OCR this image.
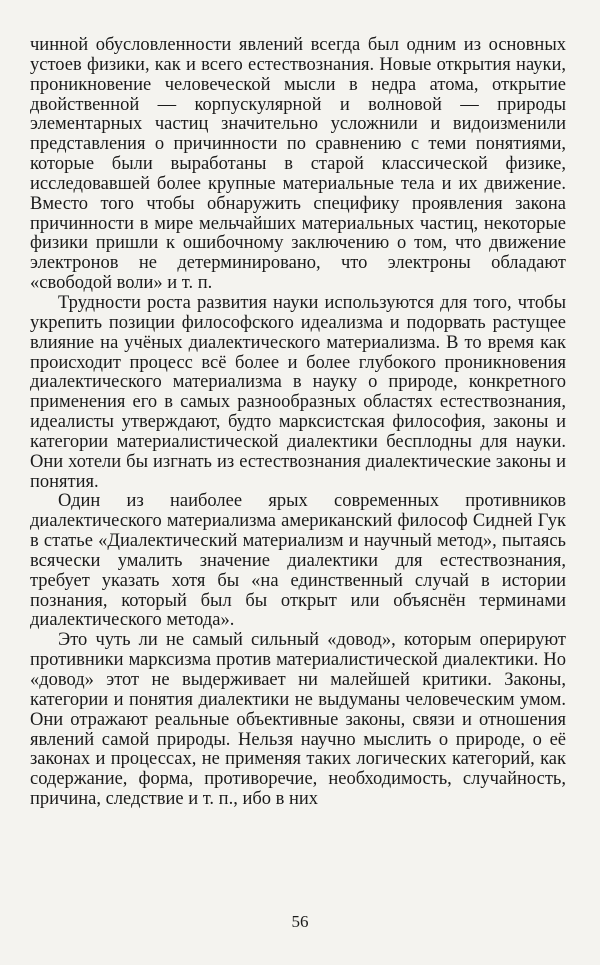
чинной обусловленности явлений всегда был одним из основных устоев физики, как и всего естествознания. Новые открытия науки, проникновение человеческой мысли в недра атома, открытие двойственной — корпускулярной и волновой — природы элементарных частиц значительно усложнили и видоизменили представления о причинности по сравнению с теми понятиями, которые были выработаны в старой классической физике, исследовавшей более крупные материальные тела и их движение. Вместо того чтобы обнаружить специфику проявления закона причинности в мире мельчайших материальных частиц, некоторые физики пришли к ошибочному заключению о том, что движение электронов не детерминировано, что электроны обладают «свободой воли» и т. п.

Трудности роста развития науки используются для того, чтобы укрепить позиции философского идеализма и подорвать растущее влияние на учёных диалектического материализма. В то время как происходит процесс всё более и более глубокого проникновения диалектического материализма в науку о природе, конкретного применения его в самых разнообразных областях естествознания, идеалисты утверждают, будто марксистская философия, законы и категории материалистической диалектики бесплодны для науки. Они хотели бы изгнать из естествознания диалектические законы и понятия.

Один из наиболее ярых современных противников диалектического материализма американский философ Сидней Гук в статье «Диалектический материализм и научный метод», пытаясь всячески умалить значение диалектики для естествознания, требует указать хотя бы «на единственный случай в истории познания, который был бы открыт или объяснён терминами диалектического метода».

Это чуть ли не самый сильный «довод», которым оперируют противники марксизма против материалистической диалектики. Но «довод» этот не выдерживает ни малейшей критики. Законы, категории и понятия диалектики не выдуманы человеческим умом. Они отражают реальные объективные законы, связи и отношения явлений самой природы. Нельзя научно мыслить о природе, о её законах и процессах, не применяя таких логических категорий, как содержание, форма, противоречие, необходимость, случайность, причина, следствие и т. п., ибо в них

56
